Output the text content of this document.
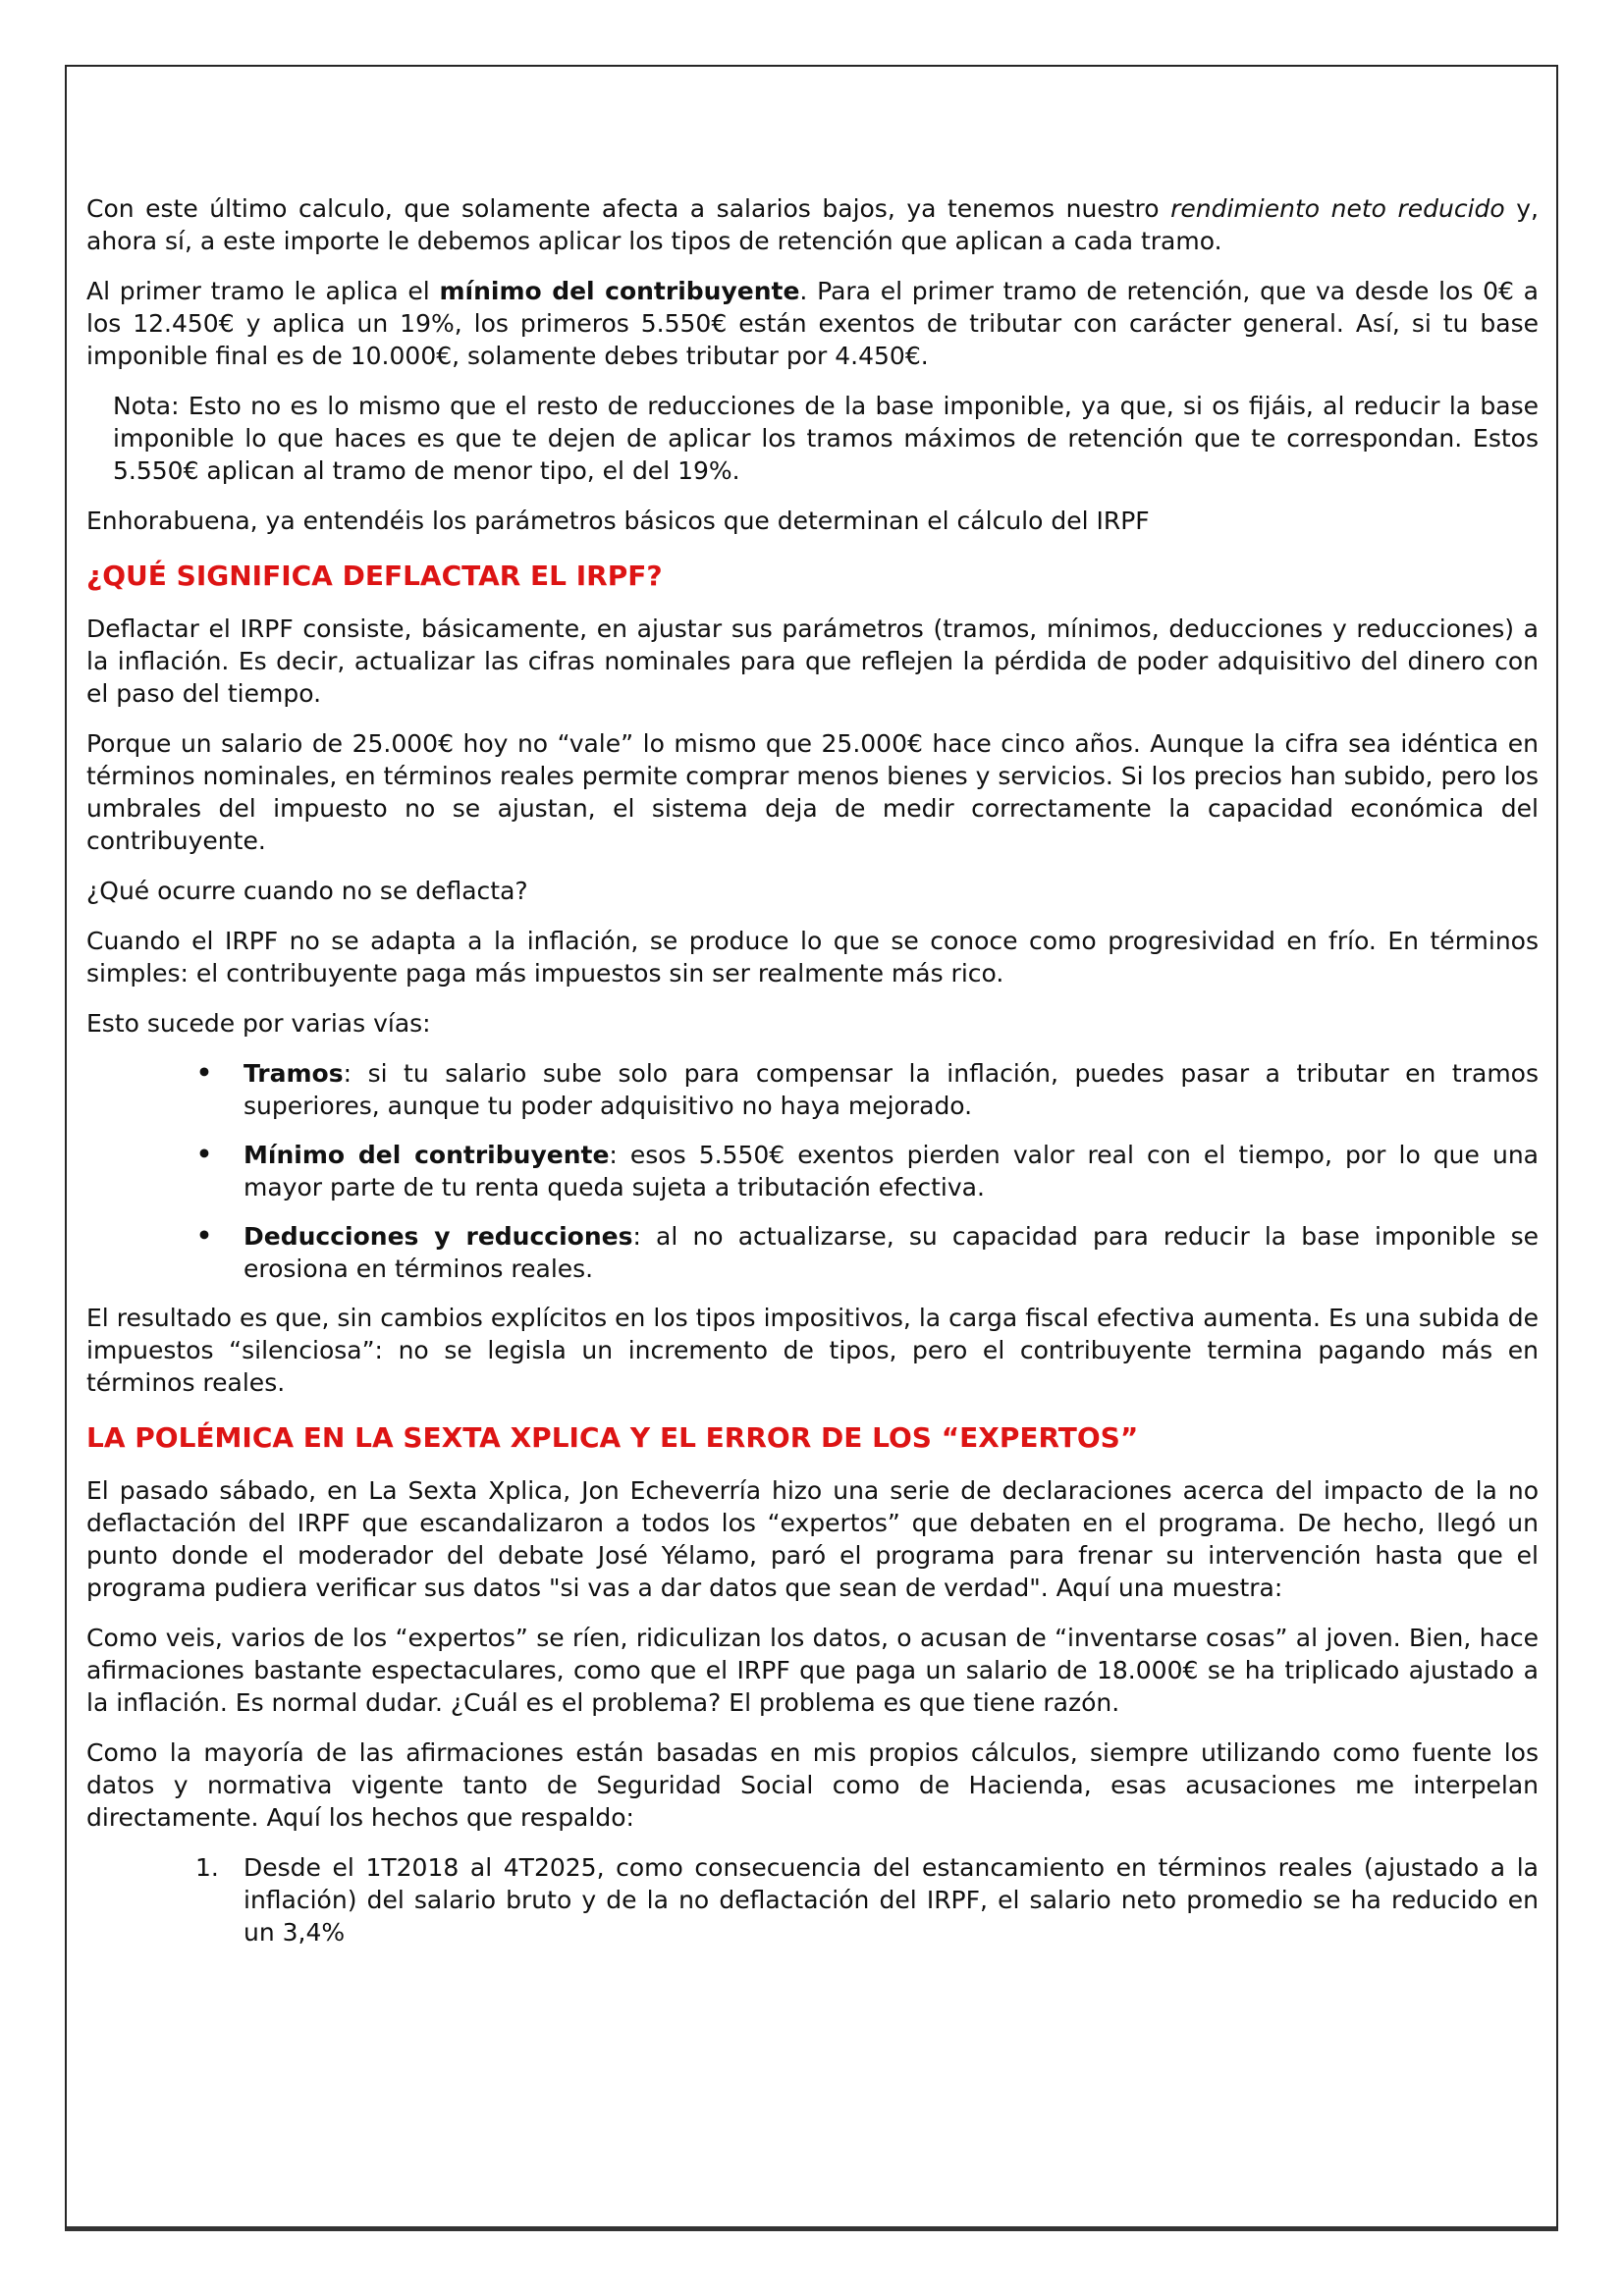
Con este último calculo, que solamente afecta a salarios bajos, ya tenemos nuestro rendimiento neto reducido y, ahora sí, a este importe le debemos aplicar los tipos de retención que aplican a cada tramo.

Al primer tramo le aplica el mínimo del contribuyente. Para el primer tramo de retención, que va desde los 0€ a los 12.450€ y aplica un 19%, los primeros 5.550€ están exentos de tributar con carácter general. Así, si tu base imponible final es de 10.000€, solamente debes tributar por 4.450€.

Nota: Esto no es lo mismo que el resto de reducciones de la base imponible, ya que, si os fijáis, al reducir la base imponible lo que haces es que te dejen de aplicar los tramos máximos de retención que te correspondan. Estos 5.550€ aplican al tramo de menor tipo, el del 19%.

Enhorabuena, ya entendéis los parámetros básicos que determinan el cálculo del IRPF

¿QUÉ SIGNIFICA DEFLACTAR EL IRPF?

Deflactar el IRPF consiste, básicamente, en ajustar sus parámetros (tramos, mínimos, deducciones y reducciones) a la inflación. Es decir, actualizar las cifras nominales para que reflejen la pérdida de poder adquisitivo del dinero con el paso del tiempo.

Porque un salario de 25.000€ hoy no “vale” lo mismo que 25.000€ hace cinco años. Aunque la cifra sea idéntica en términos nominales, en términos reales permite comprar menos bienes y servicios. Si los precios han subido, pero los umbrales del impuesto no se ajustan, el sistema deja de medir correctamente la capacidad económica del contribuyente.

¿Qué ocurre cuando no se deflacta?

Cuando el IRPF no se adapta a la inflación, se produce lo que se conoce como progresividad en frío. En términos simples: el contribuyente paga más impuestos sin ser realmente más rico.

Esto sucede por varias vías:

• Tramos: si tu salario sube solo para compensar la inflación, puedes pasar a tributar en tramos superiores, aunque tu poder adquisitivo no haya mejorado.
• Mínimo del contribuyente: esos 5.550€ exentos pierden valor real con el tiempo, por lo que una mayor parte de tu renta queda sujeta a tributación efectiva.
• Deducciones y reducciones: al no actualizarse, su capacidad para reducir la base imponible se erosiona en términos reales.

El resultado es que, sin cambios explícitos en los tipos impositivos, la carga fiscal efectiva aumenta. Es una subida de impuestos “silenciosa”: no se legisla un incremento de tipos, pero el contribuyente termina pagando más en términos reales.

LA POLÉMICA EN LA SEXTA XPLICA Y EL ERROR DE LOS “EXPERTOS”

El pasado sábado, en La Sexta Xplica, Jon Echeverría hizo una serie de declaraciones acerca del impacto de la no deflactación del IRPF que escandalizaron a todos los “expertos” que debaten en el programa. De hecho, llegó un punto donde el moderador del debate José Yélamo, paró el programa para frenar su intervención hasta que el programa pudiera verificar sus datos "si vas a dar datos que sean de verdad". Aquí una muestra:

Como veis, varios de los “expertos” se ríen, ridiculizan los datos, o acusan de “inventarse cosas” al joven. Bien, hace afirmaciones bastante espectaculares, como que el IRPF que paga un salario de 18.000€ se ha triplicado ajustado a la inflación. Es normal dudar. ¿Cuál es el problema? El problema es que tiene razón.

Como la mayoría de las afirmaciones están basadas en mis propios cálculos, siempre utilizando como fuente los datos y normativa vigente tanto de Seguridad Social como de Hacienda, esas acusaciones me interpelan directamente. Aquí los hechos que respaldo:

1. Desde el 1T2018 al 4T2025, como consecuencia del estancamiento en términos reales (ajustado a la inflación) del salario bruto y de la no deflactación del IRPF, el salario neto promedio se ha reducido en un 3,4%
